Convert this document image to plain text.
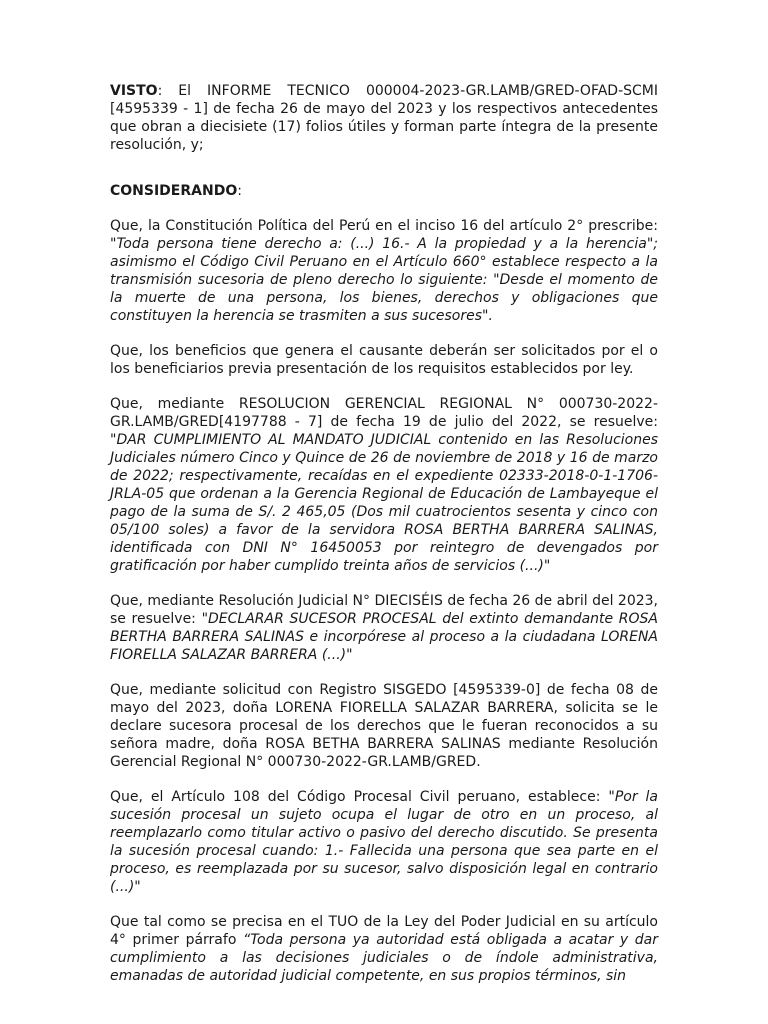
VISTO: El INFORME TECNICO 000004-2023-GR.LAMB/GRED-OFAD-SCMI [4595339 - 1] de fecha 26 de mayo del 2023 y los respectivos antecedentes que obran a diecisiete (17) folios útiles y forman parte íntegra de la presente resolución, y;

CONSIDERANDO:

Que, la Constitución Política del Perú en el inciso 16 del artículo 2° prescribe: "Toda persona tiene derecho a: (...) 16.- A la propiedad y a la herencia"; asimismo el Código Civil Peruano en el Artículo 660° establece respecto a la transmisión sucesoria de pleno derecho lo siguiente: "Desde el momento de la muerte de una persona, los bienes, derechos y obligaciones que constituyen la herencia se trasmiten a sus sucesores".

Que, los beneficios que genera el causante deberán ser solicitados por el o los beneficiarios previa presentación de los requisitos establecidos por ley.

Que, mediante RESOLUCION GERENCIAL REGIONAL N° 000730-2022-GR.LAMB/GRED[4197788 - 7] de fecha 19 de julio del 2022, se resuelve: "DAR CUMPLIMIENTO AL MANDATO JUDICIAL contenido en las Resoluciones Judiciales número Cinco y Quince de 26 de noviembre de 2018 y 16 de marzo de 2022; respectivamente, recaídas en el expediente 02333-2018-0-1-1706-JRLA-05 que ordenan a la Gerencia Regional de Educación de Lambayeque el pago de la suma de S/. 2 465,05 (Dos mil cuatrocientos sesenta y cinco con 05/100 soles) a favor de la servidora ROSA BERTHA BARRERA SALINAS, identificada con DNI N° 16450053 por reintegro de devengados por gratificación por haber cumplido treinta años de servicios (...)"

Que, mediante Resolución Judicial N° DIECISÉIS de fecha 26 de abril del 2023, se resuelve: "DECLARAR SUCESOR PROCESAL del extinto demandante ROSA BERTHA BARRERA SALINAS e incorpórese al proceso a la ciudadana LORENA FIORELLA SALAZAR BARRERA (...)"

Que, mediante solicitud con Registro SISGEDO [4595339-0] de fecha 08 de mayo del 2023, doña LORENA FIORELLA SALAZAR BARRERA, solicita se le declare sucesora procesal de los derechos que le fueran reconocidos a su señora madre, doña ROSA BETHA BARRERA SALINAS mediante Resolución Gerencial Regional N° 000730-2022-GR.LAMB/GRED.

Que, el Artículo 108 del Código Procesal Civil peruano, establece: "Por la sucesión procesal un sujeto ocupa el lugar de otro en un proceso, al reemplazarlo como titular activo o pasivo del derecho discutido. Se presenta la sucesión procesal cuando: 1.- Fallecida una persona que sea parte en el proceso, es reemplazada por su sucesor, salvo disposición legal en contrario (...)"

Que tal como se precisa en el TUO de la Ley del Poder Judicial en su artículo 4° primer párrafo “Toda persona ya autoridad está obligada a acatar y dar cumplimiento a las decisiones judiciales o de índole administrativa, emanadas de autoridad judicial competente, en sus propios términos, sin
